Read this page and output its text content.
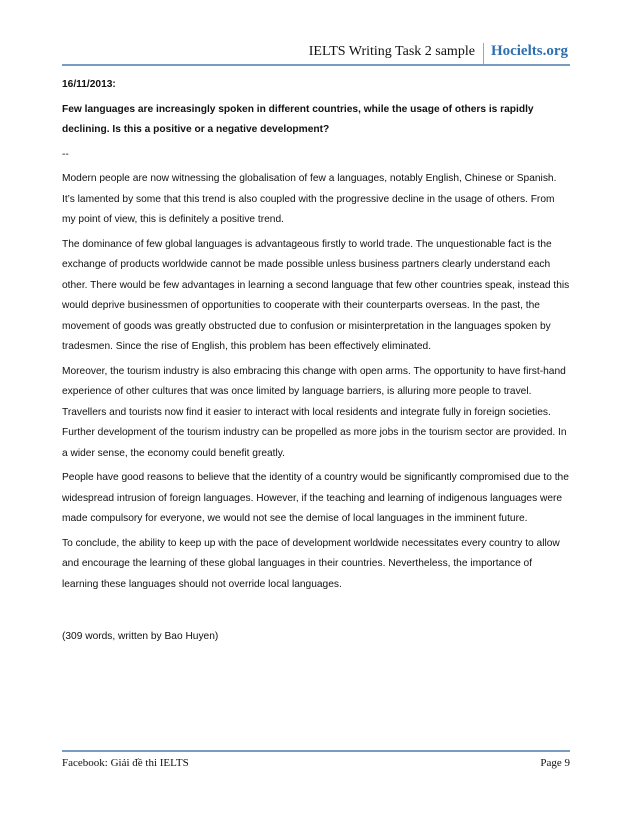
IELTS Writing Task 2 sample	Hocielts.org

16/11/2013:

Few languages are increasingly spoken in different countries, while the usage of others is rapidly declining. Is this a positive or a negative development?

--

Modern people are now witnessing the globalisation of few a languages, notably English, Chinese or Spanish. It’s lamented by some that this trend is also coupled with the progressive decline in the usage of others. From my point of view, this is definitely a positive trend.

The dominance of few global languages is advantageous firstly to world trade. The unquestionable fact is the exchange of products worldwide cannot be made possible unless business partners clearly understand each other. There would be few advantages in learning a second language that few other countries speak, instead this would deprive businessmen of opportunities to cooperate with their counterparts overseas. In the past, the movement of goods was greatly obstructed due to confusion or misinterpretation in the languages spoken by tradesmen. Since the rise of English, this problem has been effectively eliminated.

Moreover, the tourism industry is also embracing this change with open arms. The opportunity to have first-hand experience of other cultures that was once limited by language barriers, is alluring more people to travel. Travellers and tourists now find it easier to interact with local residents and integrate fully in foreign societies. Further development of the tourism industry can be propelled as more jobs in the tourism sector are provided. In a wider sense, the economy could benefit greatly.

People have good reasons to believe that the identity of a country would be significantly compromised due to the widespread intrusion of foreign languages. However, if the teaching and learning of indigenous languages were made compulsory for everyone, we would not see the demise of local languages in the imminent future.

To conclude, the ability to keep up with the pace of development worldwide necessitates every country to allow and encourage the learning of these global languages in their countries. Nevertheless, the importance of learning these languages should not override local languages.

(309 words, written by Bao Huyen)

Facebook: Giải đề thi IELTS	Page 9
